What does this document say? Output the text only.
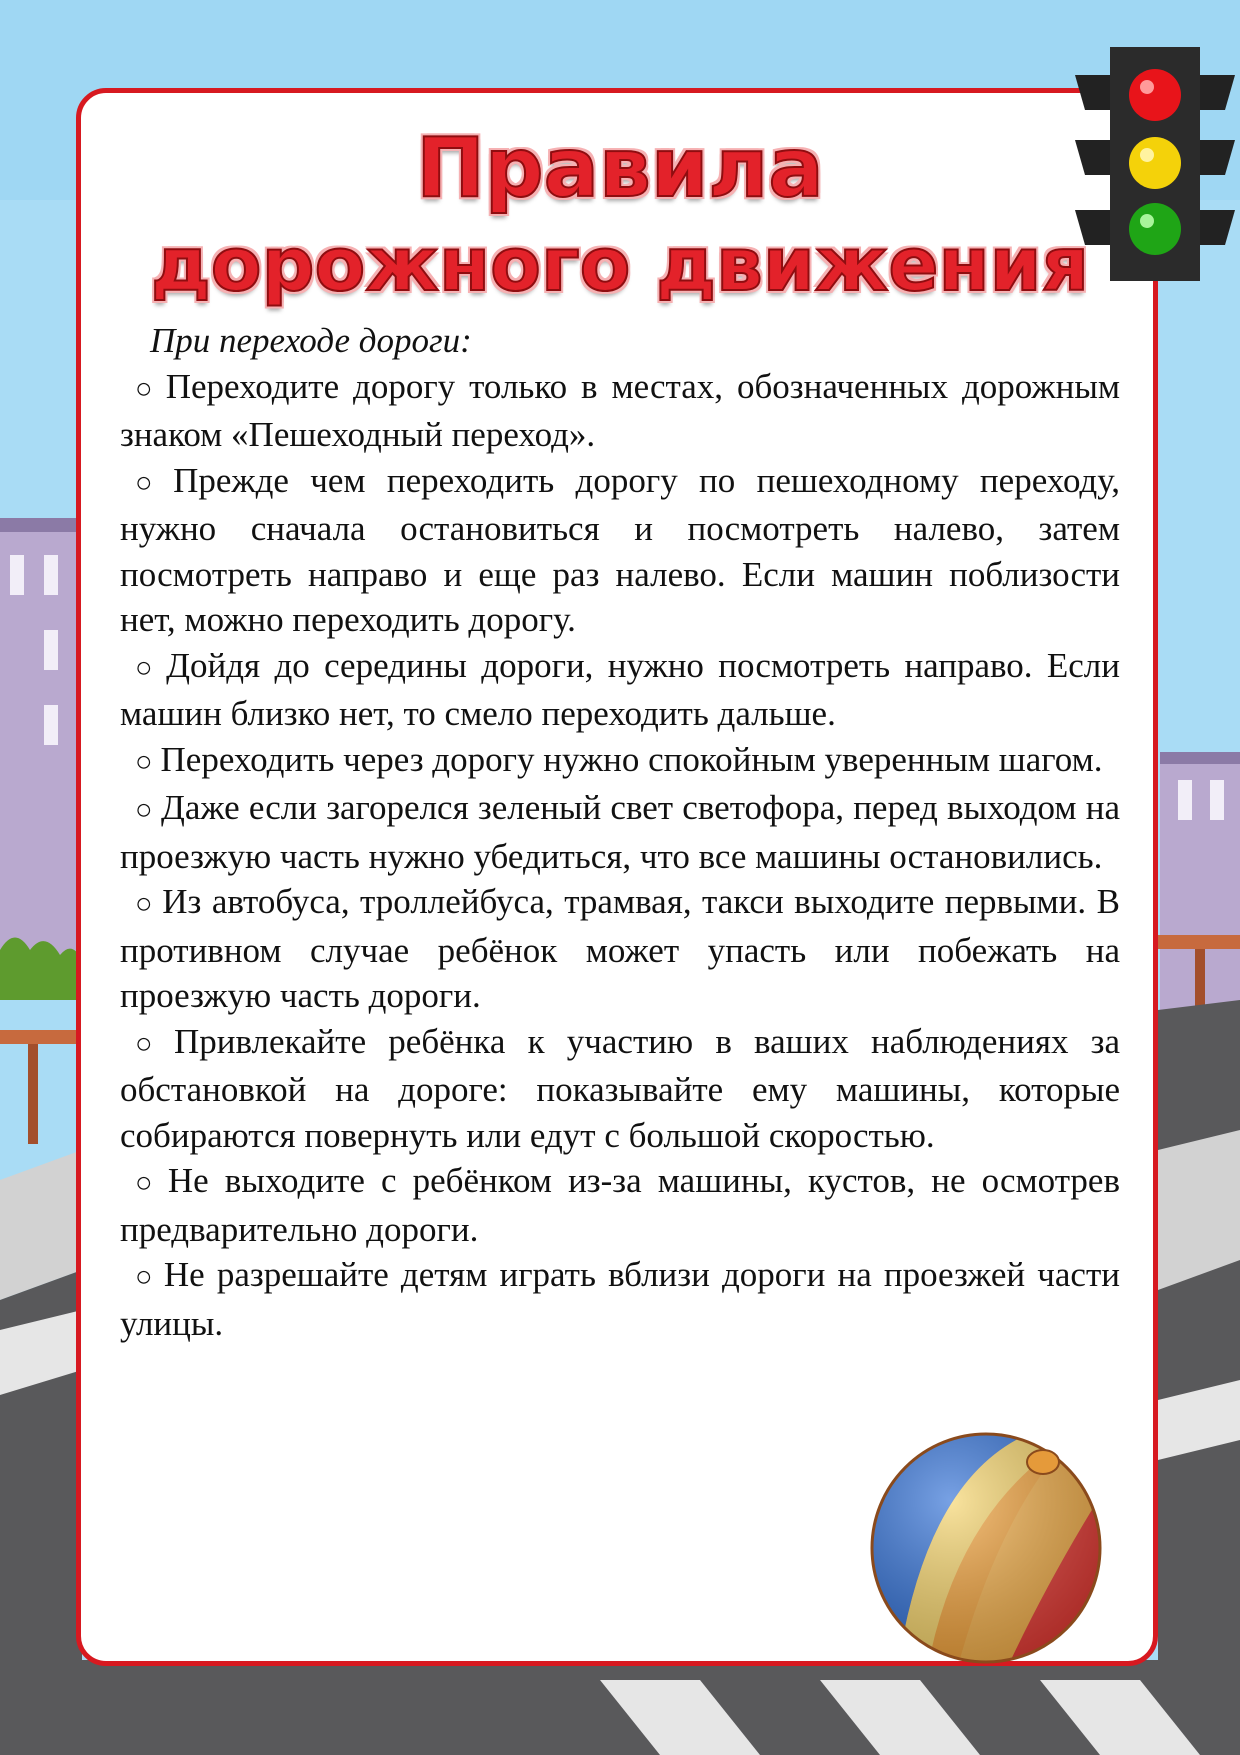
Правила
дорожного движения
При переходе дороги:

○ Переходите дорогу только в местах, обозначенных дорожным знаком «Пешеходный переход».

○ Прежде чем переходить дорогу по пешеходному переходу, нужно сначала остановиться и посмотреть налево, затем посмотреть направо и еще раз налево. Если машин поблизости нет, можно переходить дорогу.

○ Дойдя до середины дороги, нужно посмотреть направо. Если машин близко нет, то смело переходить дальше.

○ Переходить через дорогу нужно спокойным уверенным шагом.

○ Даже если загорелся зеленый свет светофора, перед выходом на проезжую часть нужно убедиться, что все машины остановились.

○ Из автобуса, троллейбуса, трамвая, такси выходите первыми. В противном случае ребёнок может упасть или побежать на проезжую часть дороги.

○ Привлекайте ребёнка к участию в ваших наблюдениях за обстановкой на дороге: показывайте ему машины, которые собираются повернуть или едут с большой скоростью.

○ Не выходите с ребёнком из-за машины, кустов, не осмотрев предварительно дороги.

○ Не разрешайте детям играть вблизи дороги на проезжей части улицы.
